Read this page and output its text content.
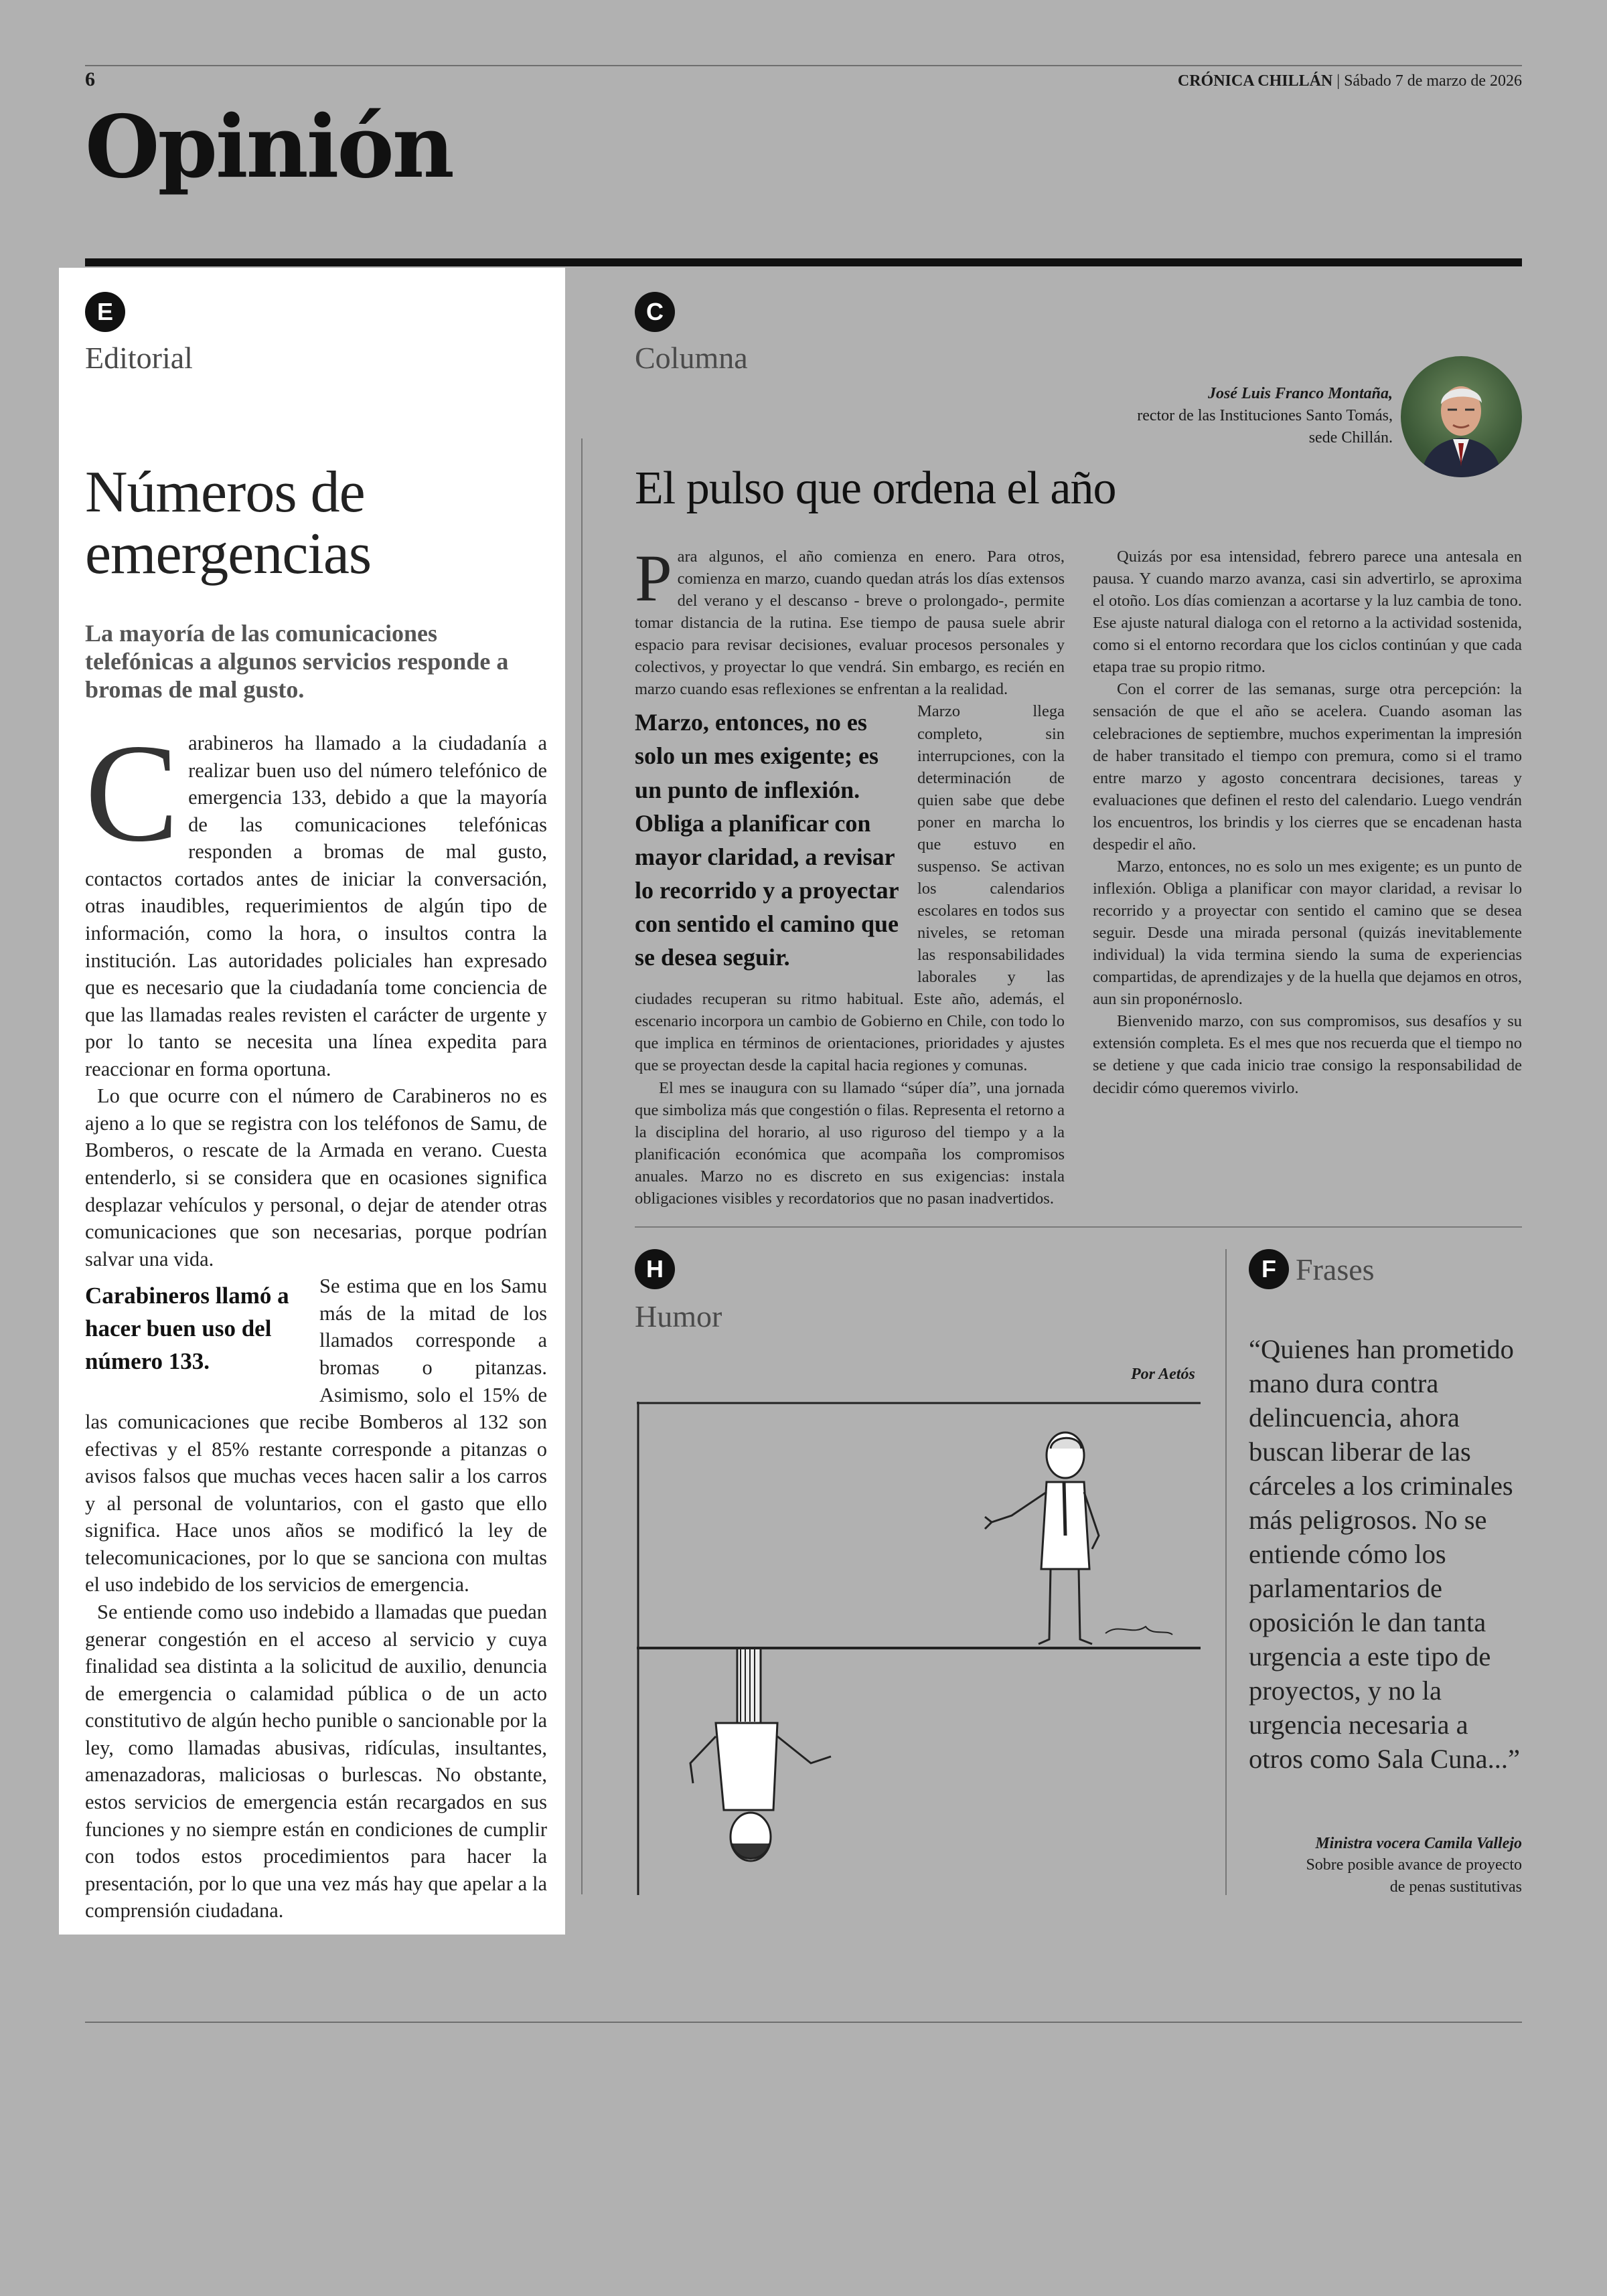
6	CRÓNICA CHILLÁN | Sábado 7 de marzo de 2026
Opinión
E
Editorial
Números de emergencias
La mayoría de las comunicaciones telefónicas a algunos servicios responde a bromas de mal gusto.

Carabineros ha llamado a la ciudadanía a realizar buen uso del número telefónico de emergencia 133, debido a que la mayoría de las comunicaciones telefónicas responden a bromas de mal gusto, contactos cortados antes de iniciar la conversación, otras inaudibles, requerimientos de algún tipo de información, como la hora, o insultos contra la institución. Las autoridades policiales han expresado que es necesario que la ciudadanía tome conciencia de que las llamadas reales revisten el carácter de urgente y por lo tanto se necesita una línea expedita para reaccionar en forma oportuna.

Lo que ocurre con el número de Carabineros no es ajeno a lo que se registra con los teléfonos de Samu, de Bomberos, o rescate de la Armada en verano. Cuesta entenderlo, si se considera que en ocasiones significa desplazar vehículos y personal, o dejar de atender otras comunicaciones que son necesarias, porque podrían salvar una vida.

Carabineros llamó a hacer buen uso del número 133.
Se estima que en los Samu más de la mitad de los llamados corresponde a bromas o pitanzas. Asimismo, solo el 15% de las comunicaciones que recibe Bomberos al 132 son efectivas y el 85% restante corresponde a pitanzas o avisos falsos que muchas veces hacen salir a los carros y al personal de voluntarios, con el gasto que ello significa. Hace unos años se modificó la ley de telecomunicaciones, por lo que se sanciona con multas el uso indebido de los servicios de emergencia.

Se entiende como uso indebido a llamadas que puedan generar congestión en el acceso al servicio y cuya finalidad sea distinta a la solicitud de auxilio, denuncia de emergencia o calamidad pública o de un acto constitutivo de algún hecho punible o sancionable por la ley, como llamadas abusivas, ridículas, insultantes, amenazadoras, maliciosas o burlescas. No obstante, estos servicios de emergencia están recargados en sus funciones y no siempre están en condiciones de cumplir con todos estos procedimientos para hacer la presentación, por lo que una vez más hay que apelar a la comprensión ciudadana.

C
Columna
José Luis Franco Montaña,
rector de las Instituciones Santo Tomás,
sede Chillán.
El pulso que ordena el año

Para algunos, el año comienza en enero. Para otros, comienza en marzo, cuando quedan atrás los días extensos del verano y el descanso - breve o prolongado-, permite tomar distancia de la rutina. Ese tiempo de pausa suele abrir espacio para revisar decisiones, evaluar procesos personales y colectivos, y proyectar lo que vendrá. Sin embargo, es recién en marzo cuando esas reflexiones se enfrentan a la realidad.

Marzo, entonces, no es solo un mes exigente; es un punto de inflexión. Obliga a planificar con mayor claridad, a revisar lo recorrido y a proyectar con sentido el camino que se desea seguir.
Marzo llega completo, sin interrupciones, con la determinación de quien sabe que debe poner en marcha lo que estuvo en suspenso. Se activan los calendarios escolares en todos sus niveles, se retoman las responsabilidades laborales y las ciudades recuperan su ritmo habitual. Este año, además, el escenario incorpora un cambio de Gobierno en Chile, con todo lo que implica en términos de orientaciones, prioridades y ajustes que se proyectan desde la capital hacia regiones y comunas.

El mes se inaugura con su llamado “súper día”, una jornada que simboliza más que congestión o filas. Representa el retorno a la disciplina del horario, al uso riguroso del tiempo y a la planificación económica que acompaña los compromisos anuales. Marzo no es discreto en sus exigencias: instala obligaciones visibles y recordatorios que no pasan inadvertidos.

Quizás por esa intensidad, febrero parece una antesala en pausa. Y cuando marzo avanza, casi sin advertirlo, se aproxima el otoño. Los días comienzan a acortarse y la luz cambia de tono. Ese ajuste natural dialoga con el retorno a la actividad sostenida, como si el entorno recordara que los ciclos continúan y que cada etapa trae su propio ritmo.

Con el correr de las semanas, surge otra percepción: la sensación de que el año se acelera. Cuando asoman las celebraciones de septiembre, muchos experimentan la impresión de haber transitado el tiempo con premura, como si el tramo entre marzo y agosto concentrara decisiones, tareas y evaluaciones que definen el resto del calendario. Luego vendrán los encuentros, los brindis y los cierres que se encadenan hasta despedir el año.

Marzo, entonces, no es solo un mes exigente; es un punto de inflexión. Obliga a planificar con mayor claridad, a revisar lo recorrido y a proyectar con sentido el camino que se desea seguir. Desde una mirada personal (quizás inevitablemente individual) la vida termina siendo la suma de experiencias compartidas, de aprendizajes y de la huella que dejamos en otros, aun sin proponérnoslo.

Bienvenido marzo, con sus compromisos, sus desafíos y su extensión completa. Es el mes que nos recuerda que el tiempo no se detiene y que cada inicio trae consigo la responsabilidad de decidir cómo queremos vivirlo.

H
Humor
Por Aetós
F Frases
“Quienes han prometido mano dura contra delincuencia, ahora buscan liberar de las cárceles a los criminales más peligrosos. No se entiende cómo los parlamentarios de oposición le dan tanta urgencia a este tipo de proyectos, y no la urgencia necesaria a otros como Sala Cuna...”
Ministra vocera Camila Vallejo
Sobre posible avance de proyecto
de penas sustitutivas
